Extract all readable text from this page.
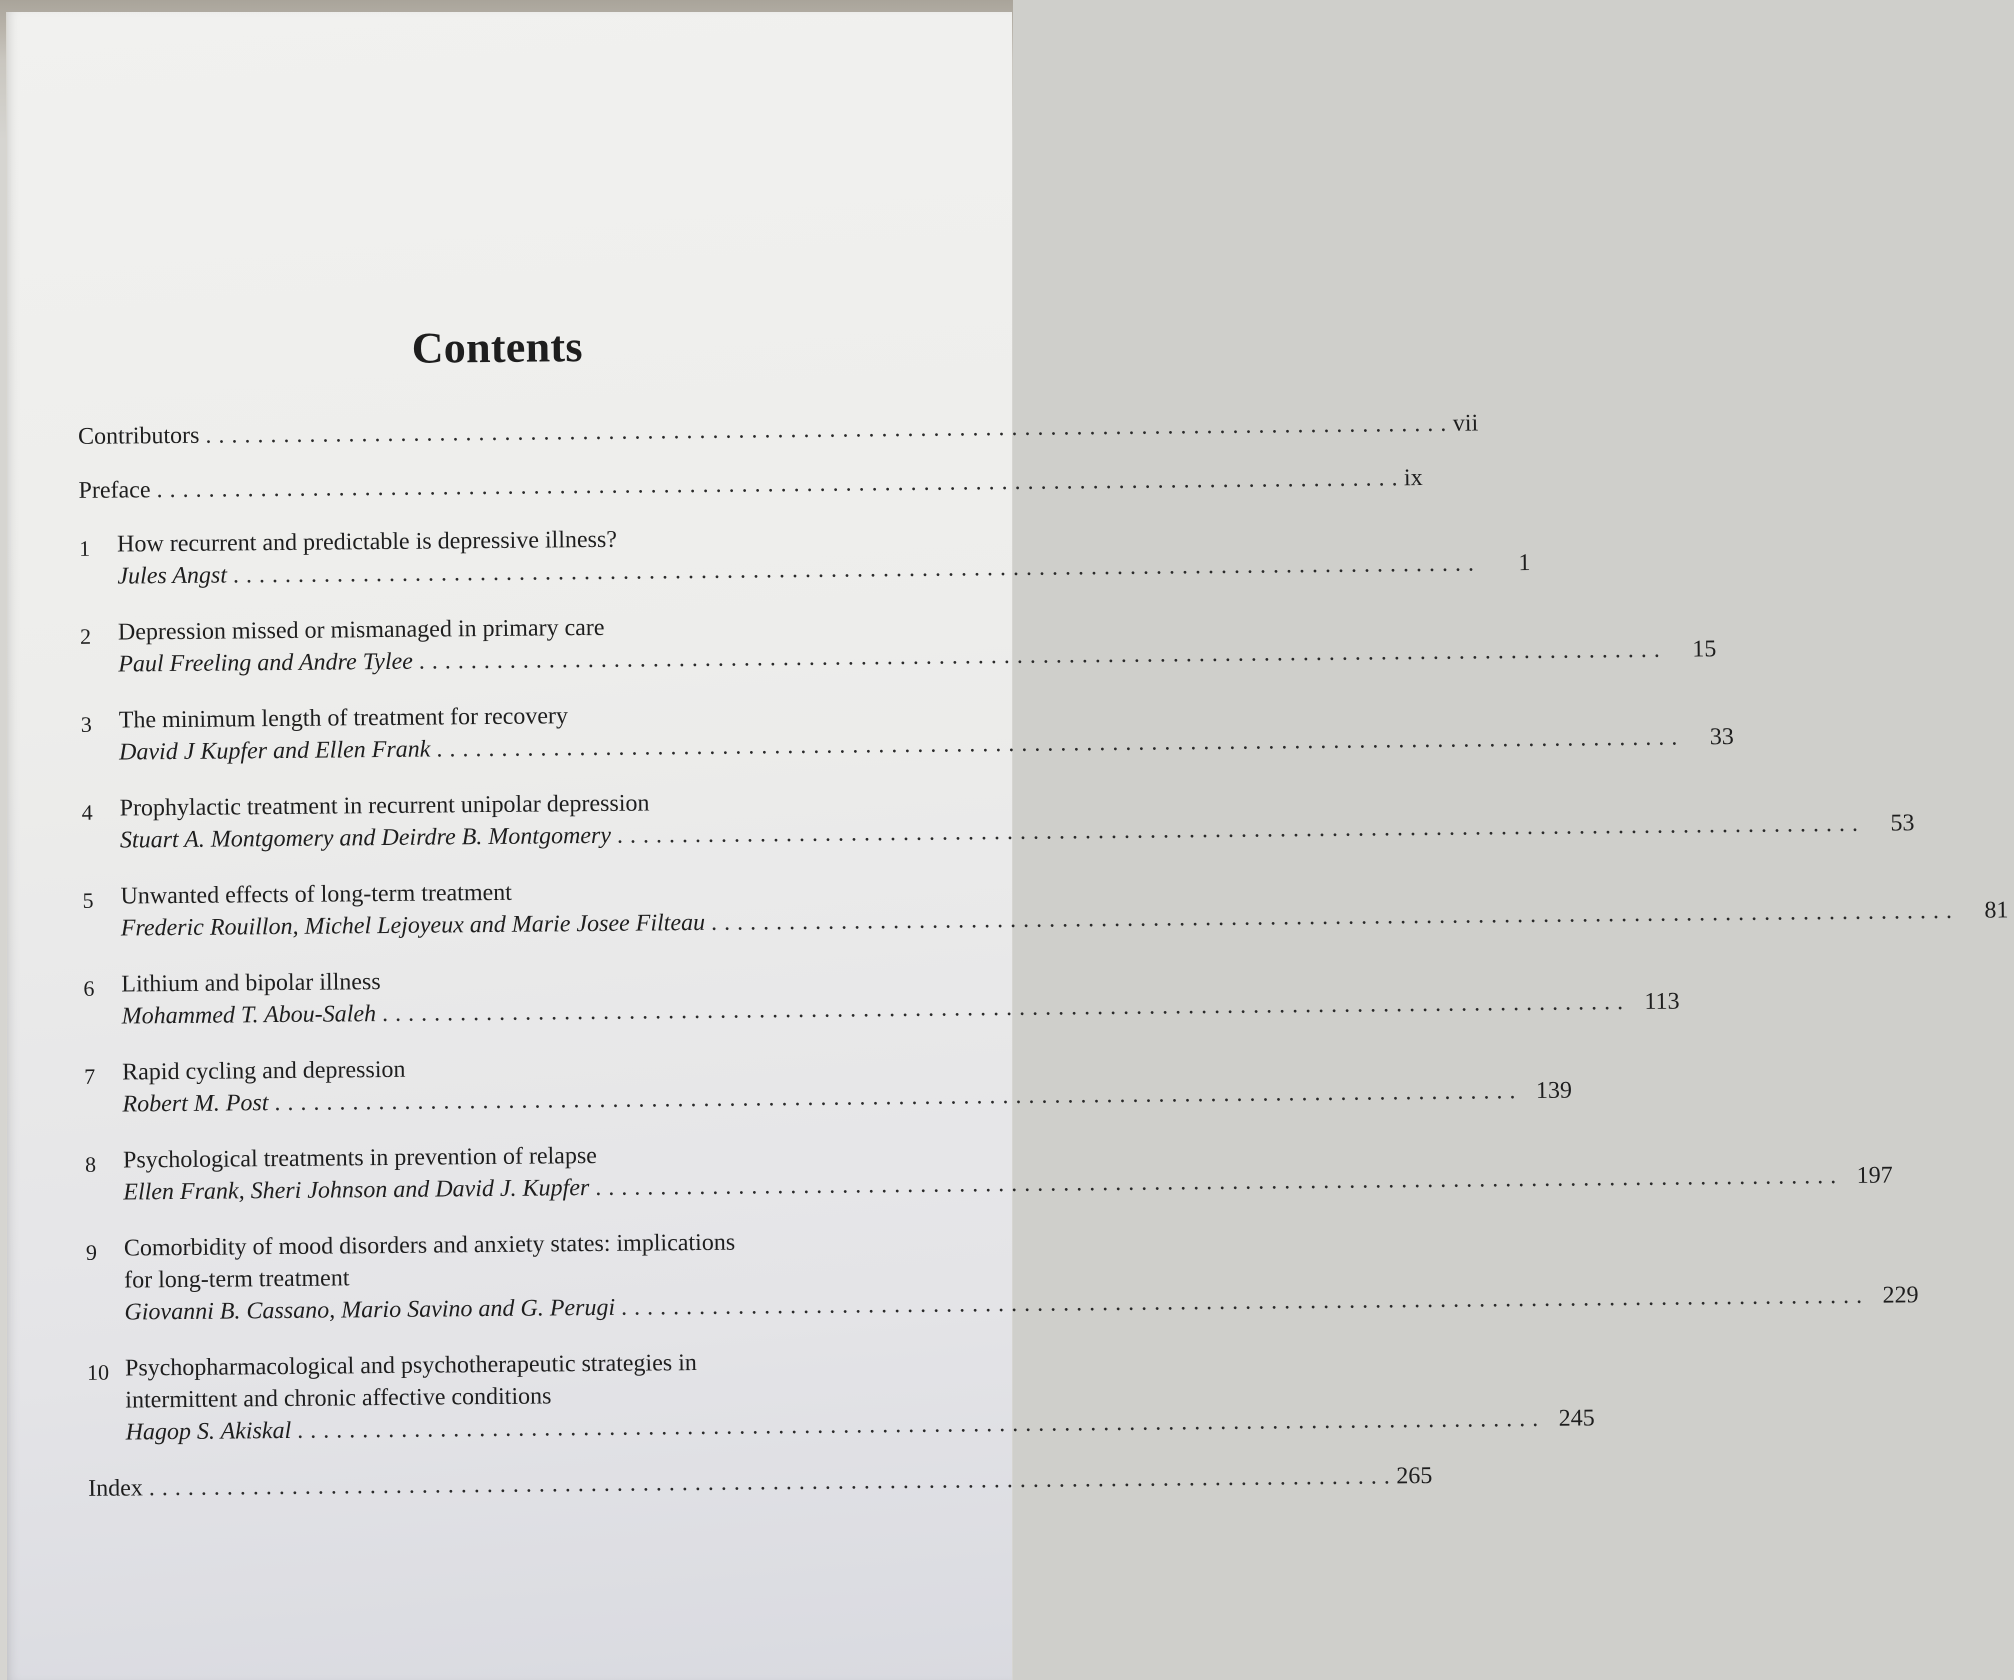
Contents
Contributors . . .	vii
Preface . . .	ix
1	How recurrent and predictable is depressive illness?
Jules Angst . . .	1
2	Depression missed or mismanaged in primary care
Paul Freeling and Andre Tylee . . .	15
3	The minimum length of treatment for recovery
David J Kupfer and Ellen Frank . . .	33
4	Prophylactic treatment in recurrent unipolar depression
Stuart A. Montgomery and Deirdre B. Montgomery . . .	53
5	Unwanted effects of long-term treatment
Frederic Rouillon, Michel Lejoyeux and Marie Josee Filteau . . .	81
6	Lithium and bipolar illness
Mohammed T. Abou-Saleh . . .	113
7	Rapid cycling and depression
Robert M. Post . . .	139
8	Psychological treatments in prevention of relapse
Ellen Frank, Sheri Johnson and David J. Kupfer . . .	197
9	Comorbidity of mood disorders and anxiety states: implications
for long-term treatment
Giovanni B. Cassano, Mario Savino and G. Perugi . . .	229
10 Psychopharmacological and psychotherapeutic strategies in
intermittent and chronic affective conditions
Hagop S. Akiskal . . .	245
Index . . .	265
